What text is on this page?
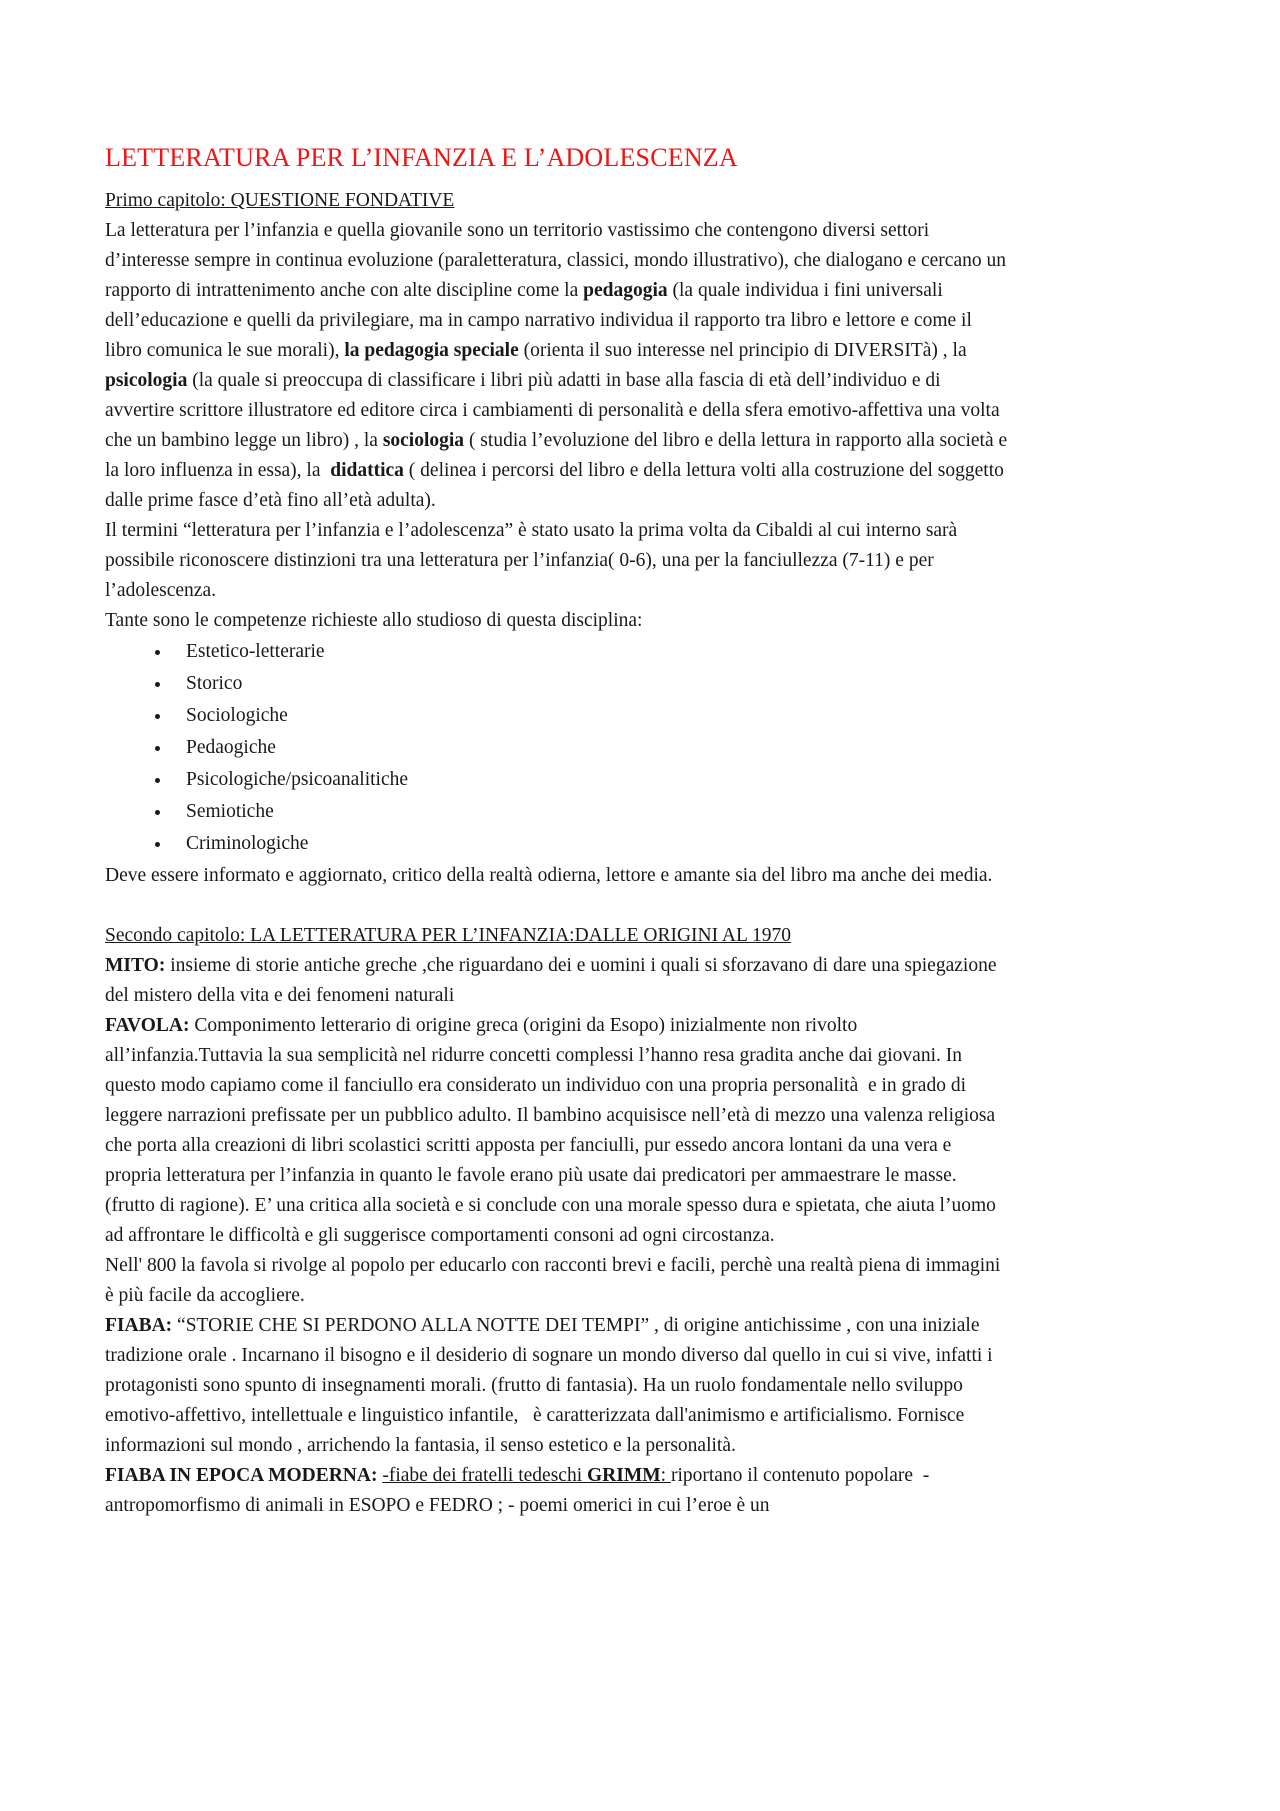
LETTERATURA PER L’INFANZIA E L’ADOLESCENZA
Primo capitolo: QUESTIONE FONDATIVE

La letteratura per l’infanzia e quella giovanile sono un territorio vastissimo che contengono diversi settori d’interesse sempre in continua evoluzione (paraletteratura, classici, mondo illustrativo), che dialogano e cercano un rapporto di intrattenimento anche con alte discipline come la pedagogia (la quale individua i fini universali dell’educazione e quelli da privilegiare, ma in campo narrativo individua il rapporto tra libro e lettore e come il libro comunica le sue morali), la pedagogia speciale (orienta il suo interesse nel principio di DIVERSITà) , la psicologia (la quale si preoccupa di classificare i libri più adatti in base alla fascia di età dell’individuo e di avvertire scrittore illustratore ed editore circa i cambiamenti di personalità e della sfera emotivo-affettiva una volta che un bambino legge un libro) , la sociologia ( studia l’evoluzione del libro e della lettura in rapporto alla società e la loro influenza in essa), la  didattica ( delinea i percorsi del libro e della lettura volti alla costruzione del soggetto dalle prime fasce d’età fino all’età adulta).

Il termini “letteratura per l’infanzia e l’adolescenza” è stato usato la prima volta da Cibaldi al cui interno sarà possibile riconoscere distinzioni tra una letteratura per l’infanzia( 0-6), una per la fanciullezza (7-11) e per l’adolescenza.

Tante sono le competenze richieste allo studioso di questa disciplina:

• Estetico-letterarie
• Storico
• Sociologiche
• Pedaogiche
• Psicologiche/psicoanalitiche
• Semiotiche
• Criminologiche

Deve essere informato e aggiornato, critico della realtà odierna, lettore e amante sia del libro ma anche dei media.

Secondo capitolo: LA LETTERATURA PER L’INFANZIA:DALLE ORIGINI AL 1970

MITO: insieme di storie antiche greche ,che riguardano dei e uomini i quali si sforzavano di dare una spiegazione del mistero della vita e dei fenomeni naturali

FAVOLA: Componimento letterario di origine greca (origini da Esopo) inizialmente non rivolto all’infanzia.Tuttavia la sua semplicità nel ridurre concetti complessi l’hanno resa gradita anche dai giovani. In questo modo capiamo come il fanciullo era considerato un individuo con una propria personalità  e in grado di leggere narrazioni prefissate per un pubblico adulto. Il bambino acquisisce nell’età di mezzo una valenza religiosa che porta alla creazioni di libri scolastici scritti apposta per fanciulli, pur essedo ancora lontani da una vera e propria letteratura per l’infanzia in quanto le favole erano più usate dai predicatori per ammaestrare le masse. (frutto di ragione). E’ una critica alla società e si conclude con una morale spesso dura e spietata, che aiuta l’uomo ad affrontare le difficoltà e gli suggerisce comportamenti consoni ad ogni circostanza.

Nell' 800 la favola si rivolge al popolo per educarlo con racconti brevi e facili, perchè una realtà piena di immagini è più facile da accogliere.

FIABA: “STORIE CHE SI PERDONO ALLA NOTTE DEI TEMPI” , di origine antichissime , con una iniziale tradizione orale . Incarnano il bisogno e il desiderio di sognare un mondo diverso dal quello in cui si vive, infatti i protagonisti sono spunto di insegnamenti morali. (frutto di fantasia). Ha un ruolo fondamentale nello sviluppo emotivo-affettivo, intellettuale e linguistico infantile,   è caratterizzata dall'animismo e artificialismo. Fornisce informazioni sul mondo , arrichendo la fantasia, il senso estetico e la personalità.

FIABA IN EPOCA MODERNA: -fiabe dei fratelli tedeschi GRIMM: riportano il contenuto popolare  - antropomorfismo di animali in ESOPO e FEDRO ; - poemi omerici in cui l’eroe è un
